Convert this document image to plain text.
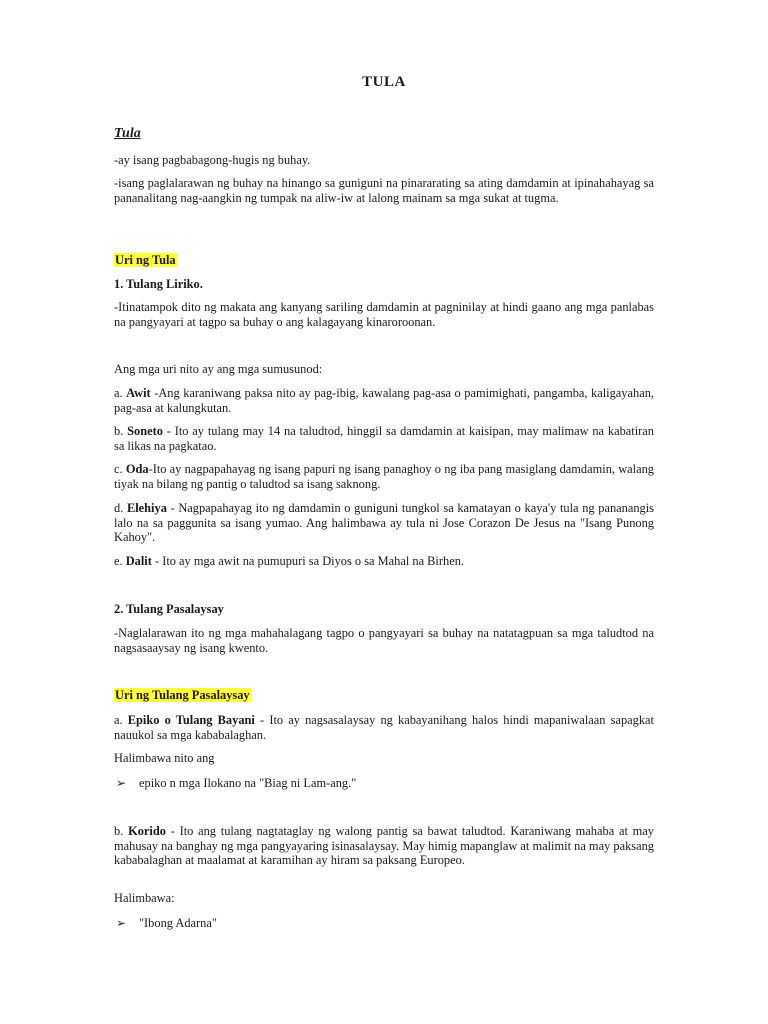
TULA
Tula
-ay isang pagbabagong-hugis ng buhay.
-isang paglalarawan ng buhay na hinango sa guniguni na pinararating sa ating damdamin at ipinahahayag sa pananalitang nag-aangkin ng tumpak na aliw-iw at lalong mainam sa mga sukat at tugma.
Uri ng Tula
1. Tulang Liriko.
-Itinatampok dito ng makata ang kanyang sariling damdamin at pagninilay at hindi gaano ang mga panlabas na pangyayari at tagpo sa buhay o ang kalagayang kinaroroonan.
Ang mga uri nito ay ang mga sumusunod:
a. Awit -Ang karaniwang paksa nito ay pag-ibig, kawalang pag-asa o pamimighati, pangamba, kaligayahan, pag-asa at kalungkutan.
b. Soneto - Ito ay tulang may 14 na taludtod, hinggil sa damdamin at kaisipan, may malimaw na kabatiran sa likas na pagkatao.
c. Oda-Ito ay nagpapahayag ng isang papuri ng isang panaghoy o ng iba pang masiglang damdamin, walang tiyak na bilang ng pantig o taludtod sa isang saknong.
d. Elehiya - Nagpapahayag ito ng damdamin o guniguni tungkol sa kamatayan o kaya'y tula ng pananangis lalo na sa paggunita sa isang yumao. Ang halimbawa ay tula ni Jose Corazon De Jesus na "Isang Punong Kahoy".
e. Dalit - Ito ay mga awit na pumupuri sa Diyos o sa Mahal na Birhen.
2. Tulang Pasalaysay
-Naglalarawan ito ng mga mahahalagang tagpo o pangyayari sa buhay na natatagpuan sa mga taludtod na nagsasaaysay ng isang kwento.
Uri ng Tulang Pasalaysay
a. Epiko o Tulang Bayani - Ito ay nagsasalaysay ng kabayanihang halos hindi mapaniwalaan sapagkat nauukol sa mga kababalaghan.
Halimbawa nito ang
➢ epiko n mga Ilokano na "Biag ni Lam-ang."
b. Korido - Ito ang tulang nagtataglay ng walong pantig sa bawat taludtod. Karaniwang mahaba at may mahusay na banghay ng mga pangyayaring isinasalaysay. May himig mapanglaw at malimit na may paksang kababalaghan at maalamat at karamihan ay hiram sa paksang Europeo.
Halimbawa:
➢ "Ibong Adarna"
